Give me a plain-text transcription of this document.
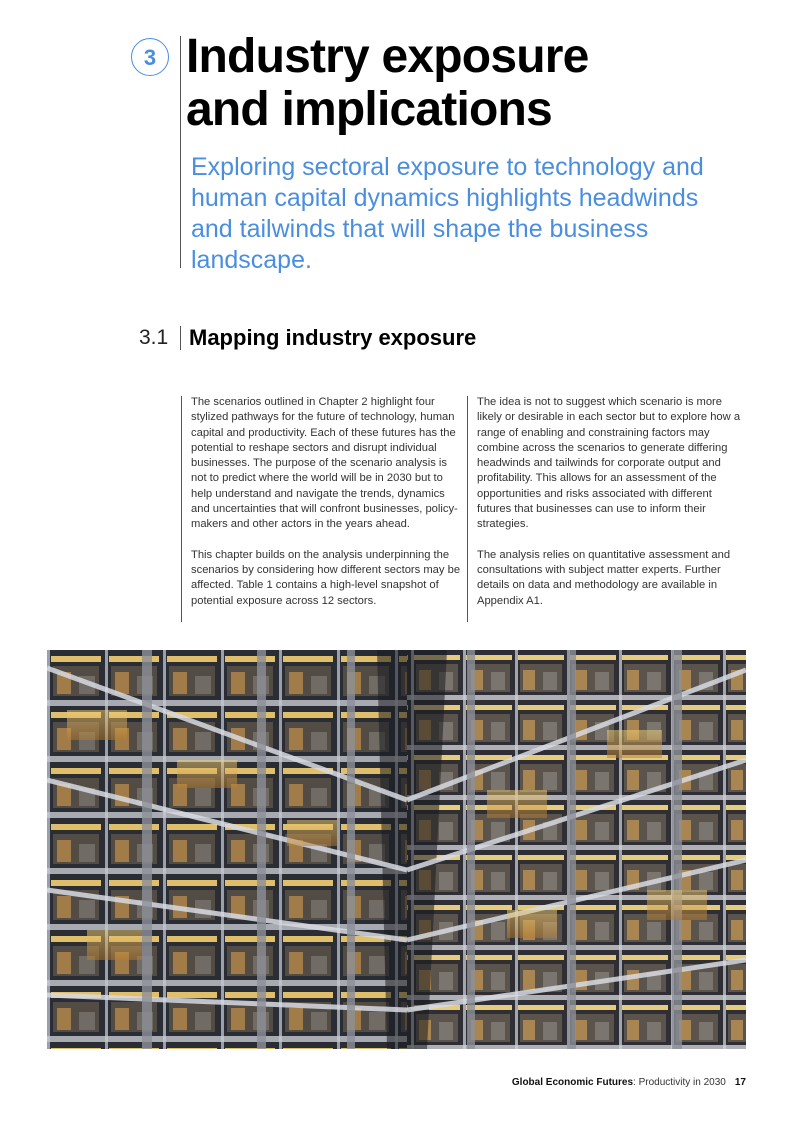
3 Industry exposure
and implications

Exploring sectoral exposure to technology and human capital dynamics highlights headwinds and tailwinds that will shape the business landscape.

3.1 Mapping industry exposure

The scenarios outlined in Chapter 2 highlight four stylized pathways for the future of technology, human capital and productivity. Each of these futures has the potential to reshape sectors and disrupt individual businesses. The purpose of the scenario analysis is not to predict where the world will be in 2030 but to help understand and navigate the trends, dynamics and uncertainties that will confront businesses, policy-makers and other actors in the years ahead.

This chapter builds on the analysis underpinning the scenarios by considering how different sectors may be affected. Table 1 contains a high-level snapshot of potential exposure across 12 sectors.

The idea is not to suggest which scenario is more likely or desirable in each sector but to explore how a range of enabling and constraining factors may combine across the scenarios to generate differing headwinds and tailwinds for corporate output and profitability. This allows for an assessment of the opportunities and risks associated with different futures that businesses can use to inform their strategies.

The analysis relies on quantitative assessment and consultations with subject matter experts. Further details on data and methodology are available in Appendix A1.

Global Economic Futures: Productivity in 2030 17
